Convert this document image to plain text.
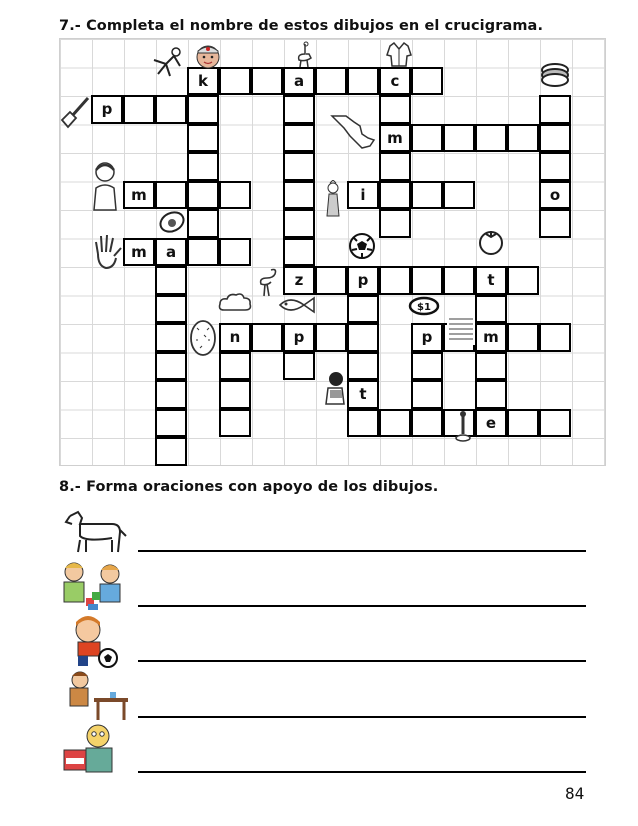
7.- Completa el nombre de estos dibujos en el crucigrama.
k	a	c
p
m
m	i	o
m	a
z	p	t
n	p	p	m
t
e
$1
8.- Forma oraciones con apoyo de los dibujos.
84
